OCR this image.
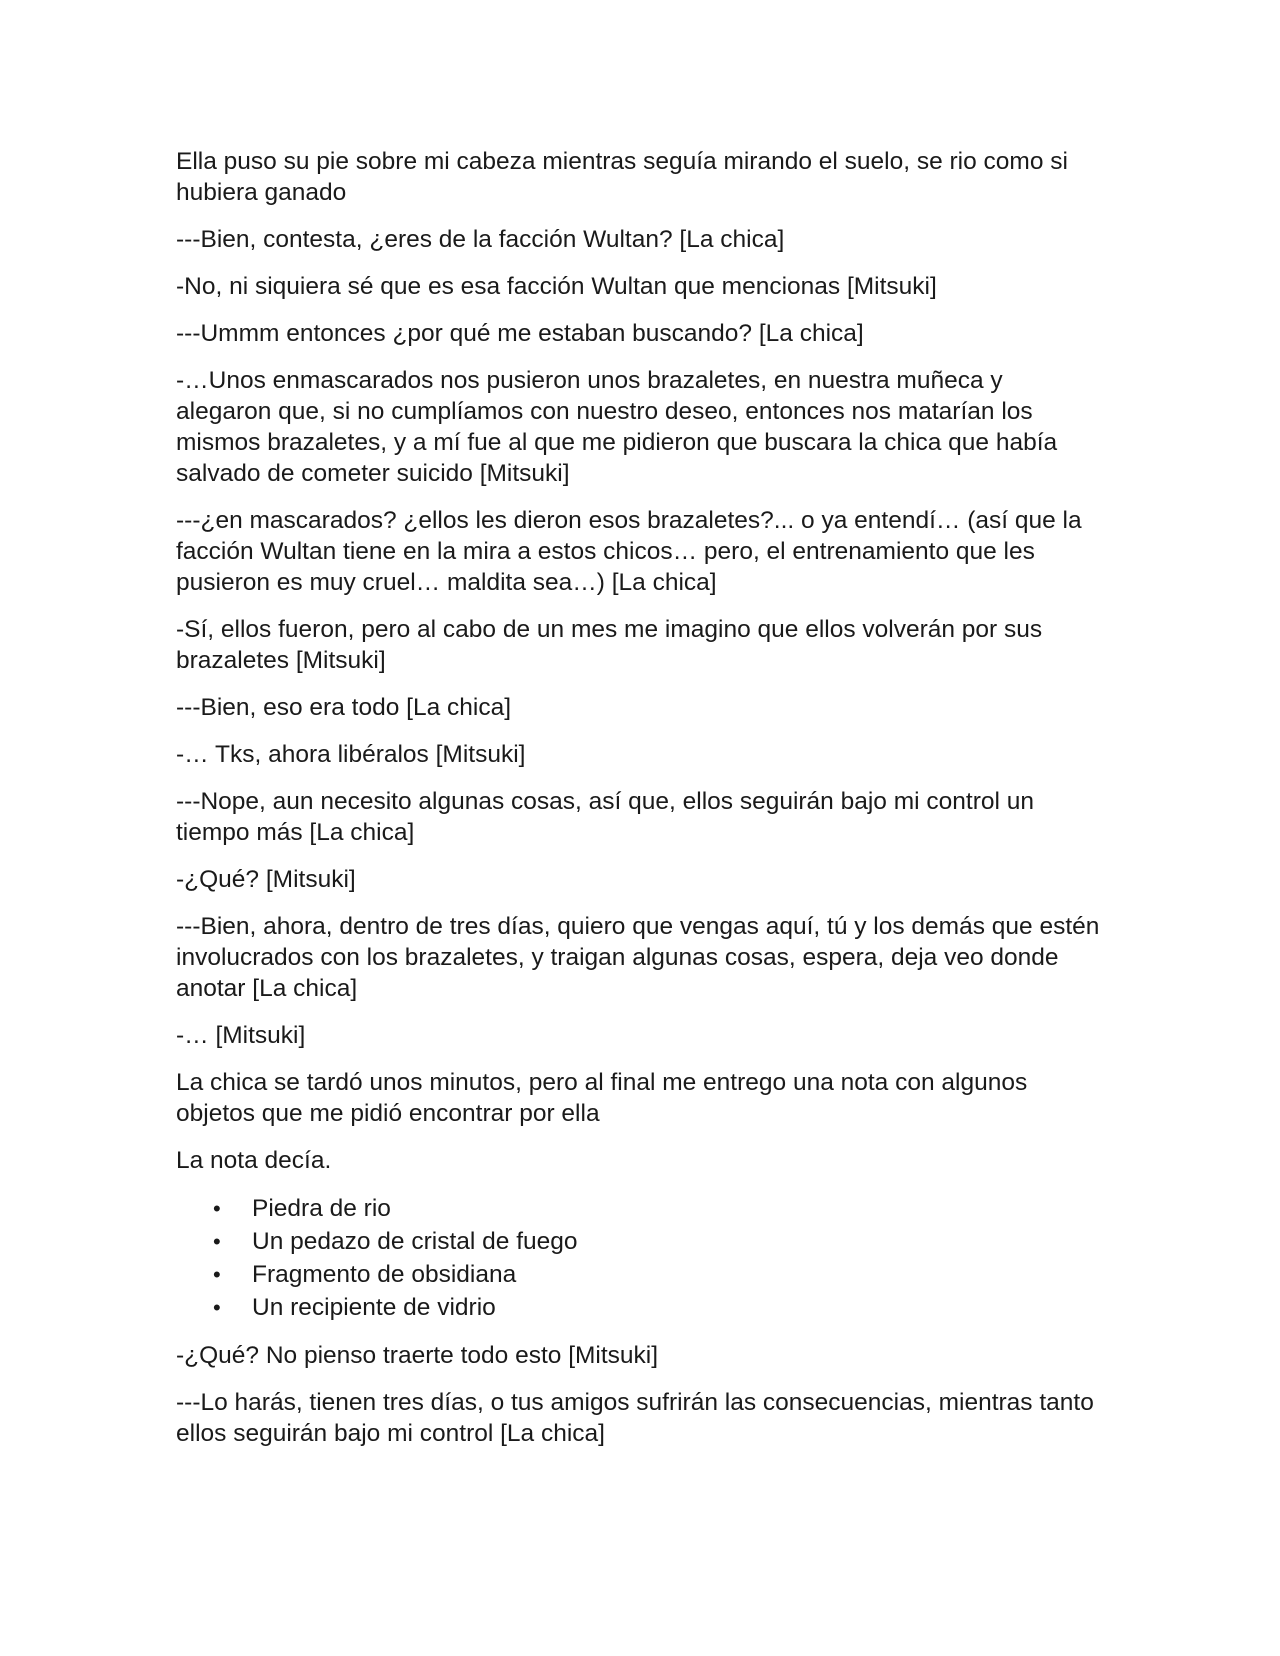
Ella puso su pie sobre mi cabeza mientras seguía mirando el suelo, se rio como si hubiera ganado

---Bien, contesta, ¿eres de la facción Wultan? [La chica]

-No, ni siquiera sé que es esa facción Wultan que mencionas [Mitsuki]

---Ummm entonces ¿por qué me estaban buscando? [La chica]

-…Unos enmascarados nos pusieron unos brazaletes, en nuestra muñeca y alegaron que, si no cumplíamos con nuestro deseo, entonces nos matarían los mismos brazaletes, y a mí fue al que me pidieron que buscara la chica que había salvado de cometer suicido [Mitsuki]

---¿en mascarados? ¿ellos les dieron esos brazaletes?... o ya entendí… (así que la facción Wultan tiene en la mira a estos chicos… pero, el entrenamiento que les pusieron es muy cruel… maldita sea…) [La chica]

-Sí, ellos fueron, pero al cabo de un mes me imagino que ellos volverán por sus brazaletes [Mitsuki]

---Bien, eso era todo [La chica]

-… Tks, ahora libéralos [Mitsuki]

---Nope, aun necesito algunas cosas, así que, ellos seguirán bajo mi control un tiempo más [La chica]

-¿Qué? [Mitsuki]

---Bien, ahora, dentro de tres días, quiero que vengas aquí, tú y los demás que estén involucrados con los brazaletes, y traigan algunas cosas, espera, deja veo donde anotar [La chica]

-… [Mitsuki]

La chica se tardó unos minutos, pero al final me entrego una nota con algunos objetos que me pidió encontrar por ella

La nota decía.

•	Piedra de rio
•	Un pedazo de cristal de fuego
•	Fragmento de obsidiana
•	Un recipiente de vidrio

-¿Qué? No pienso traerte todo esto [Mitsuki]

---Lo harás, tienen tres días, o tus amigos sufrirán las consecuencias, mientras tanto ellos seguirán bajo mi control [La chica]
